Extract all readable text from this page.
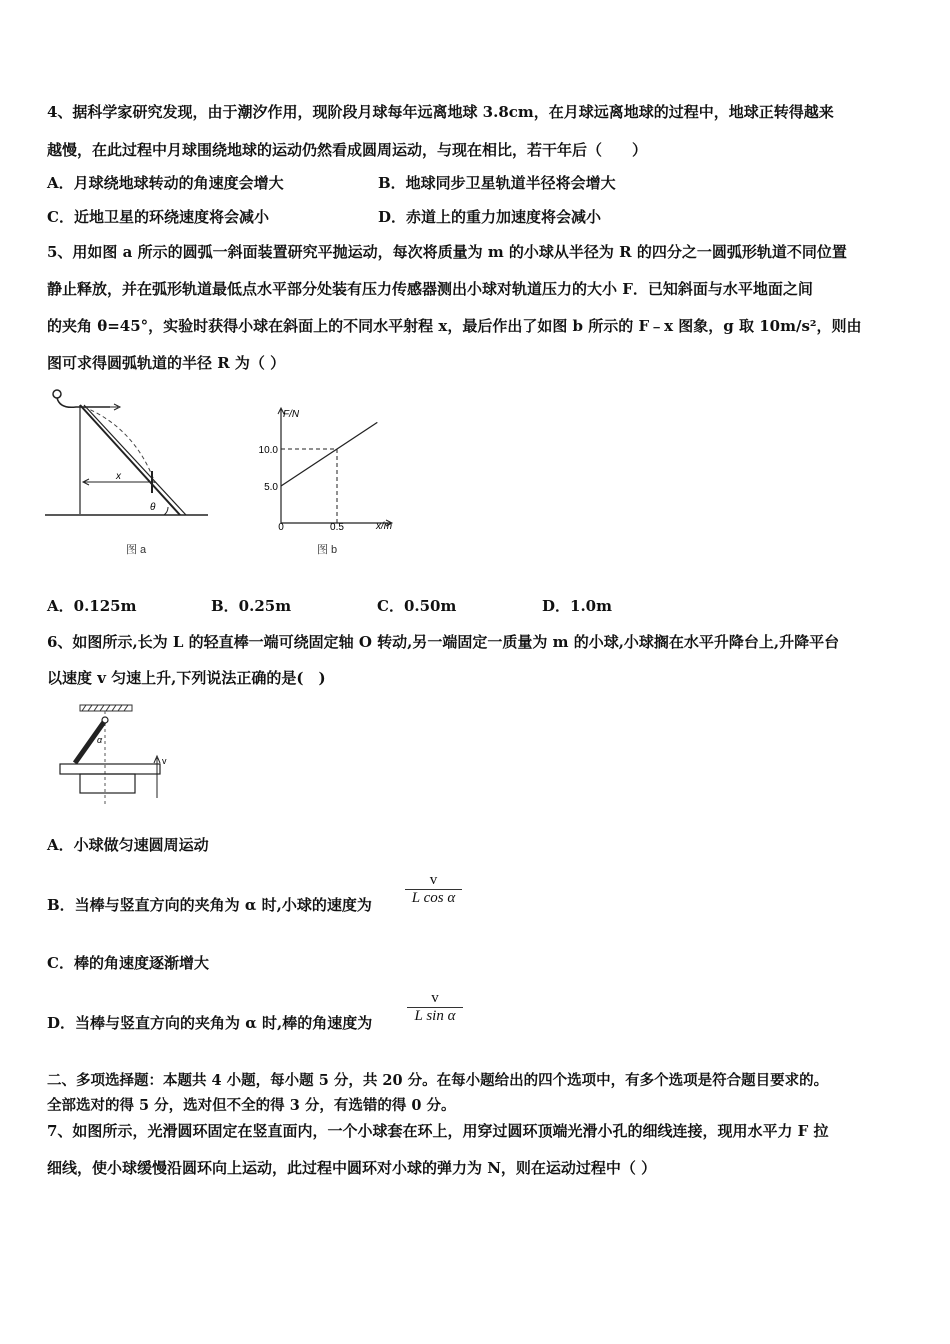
4、据科学家研究发现，由于潮汐作用，现阶段月球每年远离地球 3.8cm，在月球远离地球的过程中，地球正转得越来
越慢，在此过程中月球围绕地球的运动仍然看成圆周运动，与现在相比，若干年后（　　）
A．月球绕地球转动的角速度会增大	B．地球同步卫星轨道半径将会增大
C．近地卫星的环绕速度将会减小	D．赤道上的重力加速度将会减小
5、用如图 a 所示的圆弧一斜面装置研究平抛运动，每次将质量为 m 的小球从半径为 R 的四分之一圆弧形轨道不同位置
静止释放，并在弧形轨道最低点水平部分处装有压力传感器测出小球对轨道压力的大小 F．已知斜面与水平地面之间
的夹角 θ=45°，实验时获得小球在斜面上的不同水平射程 x，最后作出了如图 b 所示的 F﹣x 图象，g 取 10m/s²，则由
图可求得圆弧轨道的半径 R 为（ ）
x
θ
图 a
F/N
x/m
10.0
5.0
0	0.5
图 b
A．0.125m	B．0.25m	C．0.50m	D．1.0m
6、如图所示,长为 L 的轻直棒一端可绕固定轴 O 转动,另一端固定一质量为 m 的小球,小球搁在水平升降台上,升降平台
以速度 v 匀速上升,下列说法正确的是(　)
α
v
A．小球做匀速圆周运动
B．当棒与竖直方向的夹角为 α 时,小球的速度为
v
L cos α
C．棒的角速度逐渐增大
D．当棒与竖直方向的夹角为 α 时,棒的角速度为
v
L sin α
二、多项选择题：本题共 4 小题，每小题 5 分，共 20 分。在每小题给出的四个选项中，有多个选项是符合题目要求的。
全部选对的得 5 分，选对但不全的得 3 分，有选错的得 0 分。
7、如图所示，光滑圆环固定在竖直面内，一个小球套在环上，用穿过圆环顶端光滑小孔的细线连接，现用水平力 F 拉
细线，使小球缓慢沿圆环向上运动，此过程中圆环对小球的弹力为 N，则在运动过程中（ ）
